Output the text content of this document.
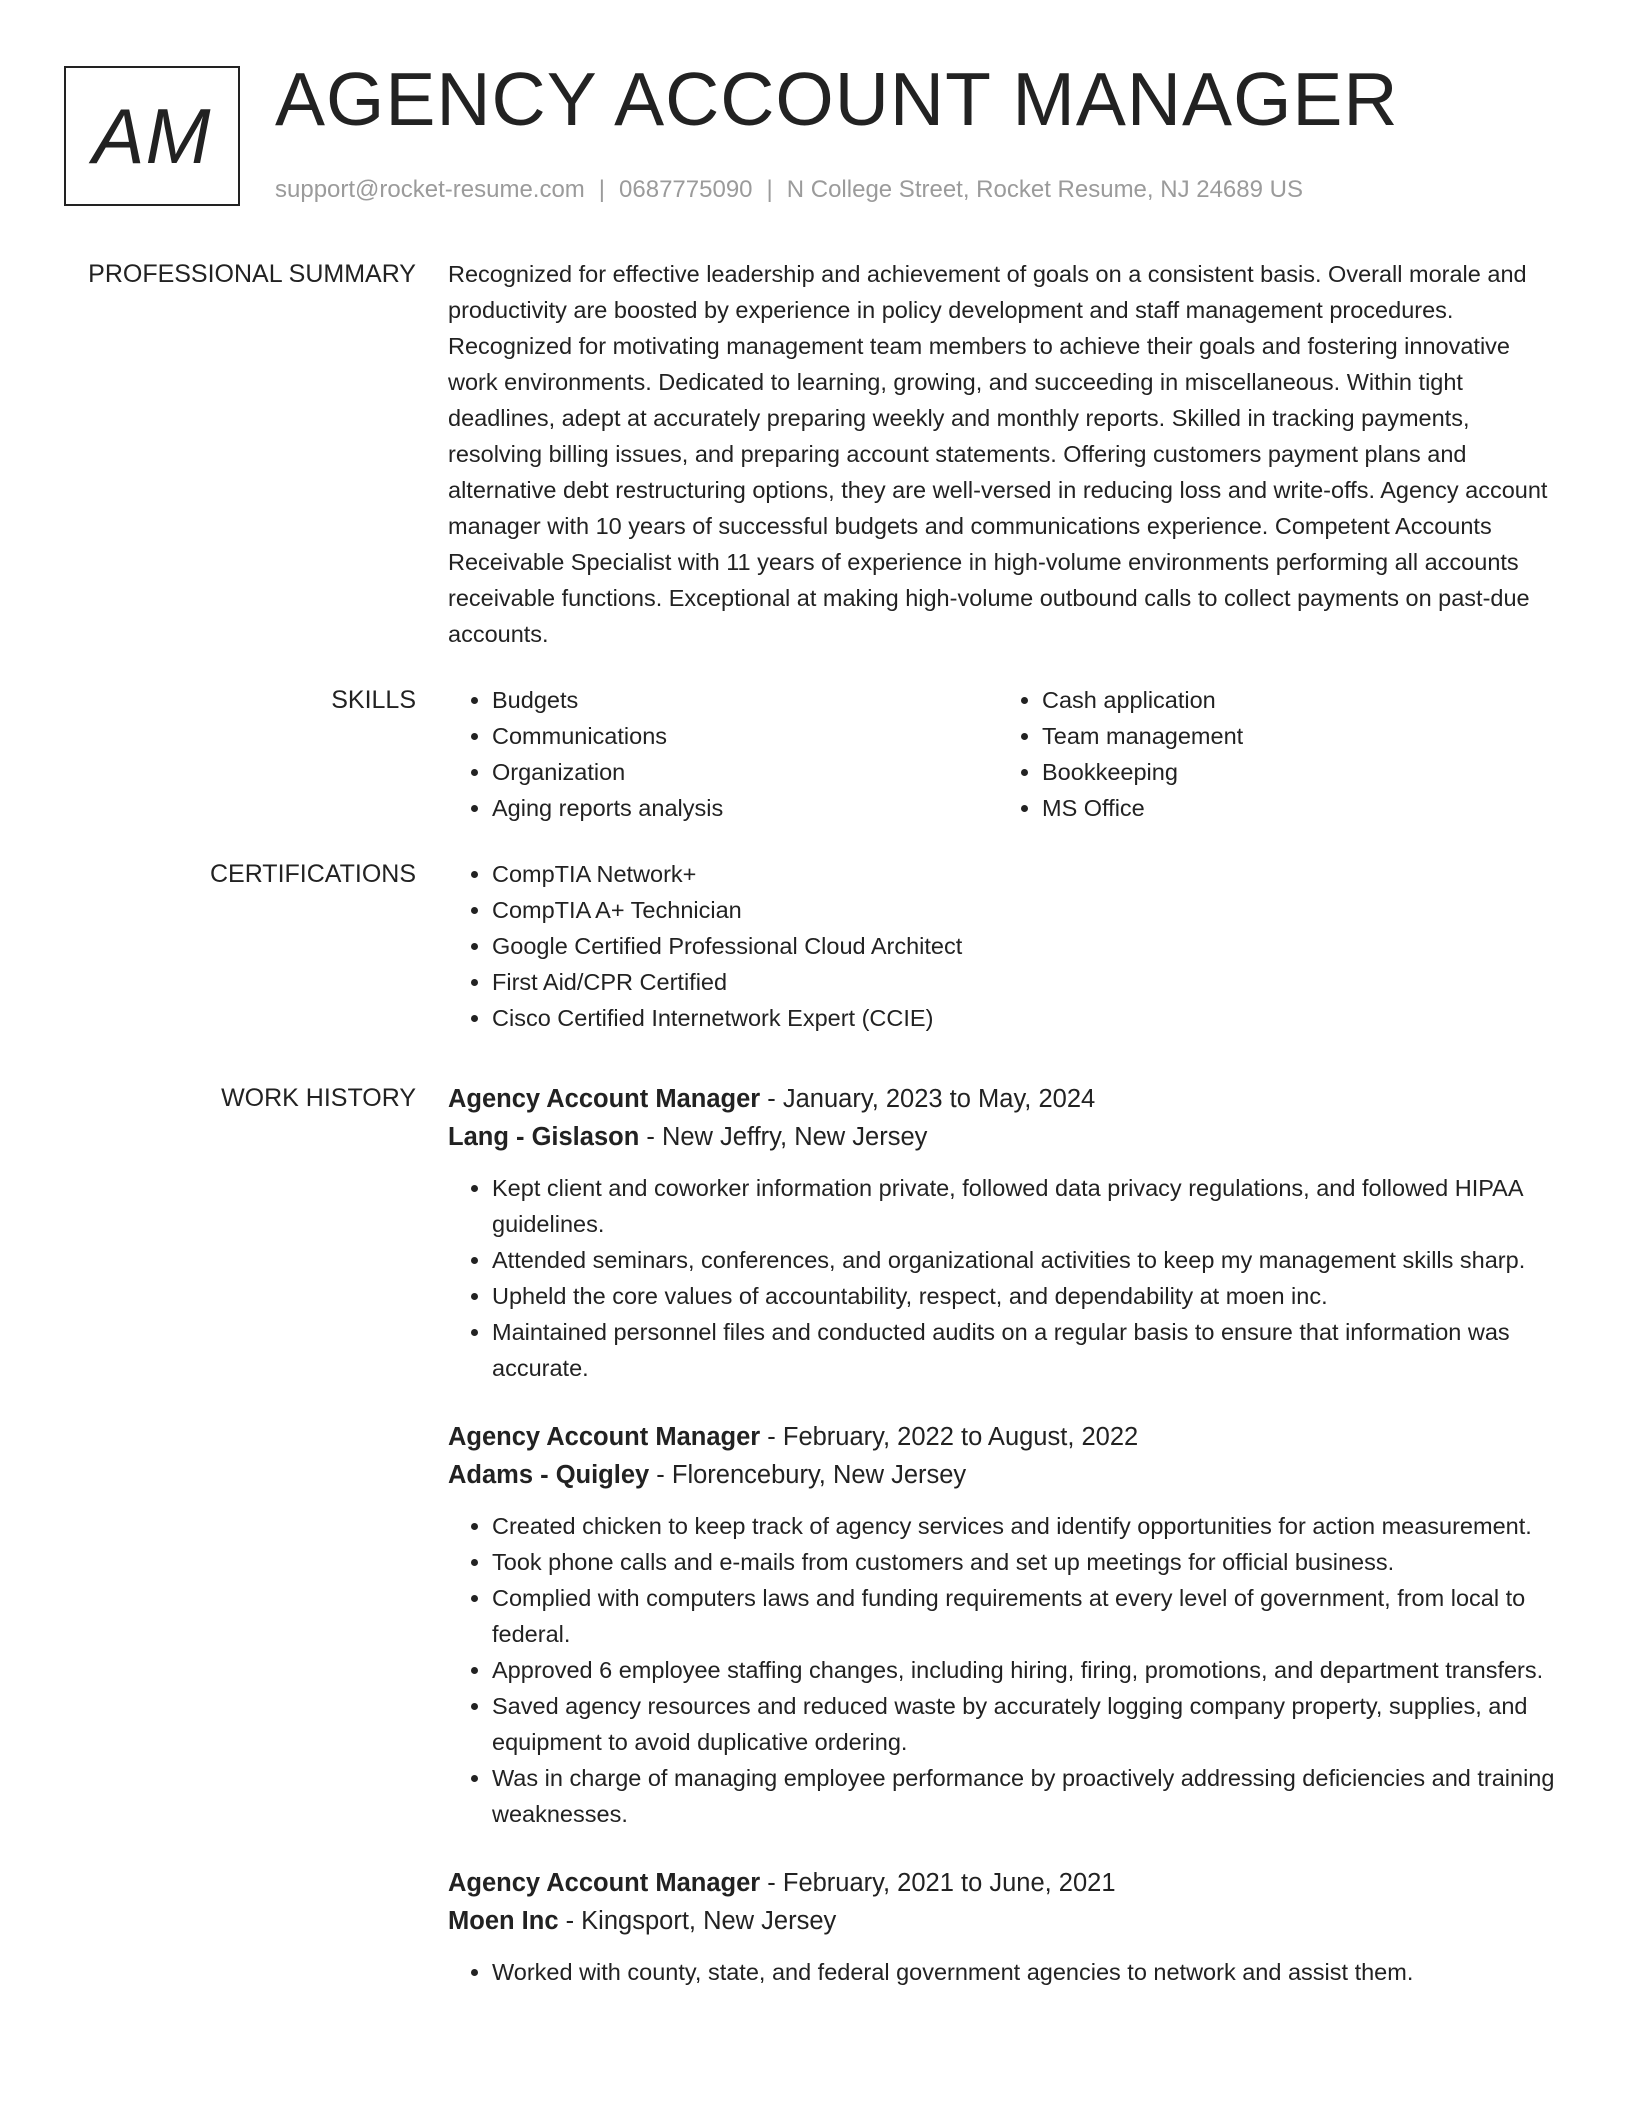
AM AGENCY ACCOUNT MANAGER
support@rocket-resume.com | 0687775090 | N College Street, Rocket Resume, NJ 24689 US
PROFESSIONAL SUMMARY Recognized for effective leadership and achievement of goals on a consistent basis. Overall morale and productivity are boosted by experience in policy development and staff management procedures. Recognized for motivating management team members to achieve their goals and fostering innovative work environments. Dedicated to learning, growing, and succeeding in miscellaneous. Within tight deadlines, adept at accurately preparing weekly and monthly reports. Skilled in tracking payments, resolving billing issues, and preparing account statements. Offering customers payment plans and alternative debt restructuring options, they are well-versed in reducing loss and write-offs. Agency account manager with 10 years of successful budgets and communications experience. Competent Accounts Receivable Specialist with 11 years of experience in high-volume environments performing all accounts receivable functions. Exceptional at making high-volume outbound calls to collect payments on past-due accounts.

SKILLS	• Budgets
• Communications
• Organization
• Aging reports analysis
• Cash application
• Team management
• Bookkeeping
• MS Office
CERTIFICATIONS	• CompTIA Network+
• CompTIA A+ Technician
• Google Certified Professional Cloud Architect
• First Aid/CPR Certified
• Cisco Certified Internetwork Expert (CCIE)
WORK HISTORY Agency Account Manager - January, 2023 to May, 2024
Lang - Gislason - New Jeffry, New Jersey
• Kept client and coworker information private, followed data privacy regulations, and followed HIPAA guidelines.
• Attended seminars, conferences, and organizational activities to keep my management skills sharp.
• Upheld the core values of accountability, respect, and dependability at moen inc.
• Maintained personnel files and conducted audits on a regular basis to ensure that information was accurate.
Agency Account Manager - February, 2022 to August, 2022
Adams - Quigley - Florencebury, New Jersey
• Created chicken to keep track of agency services and identify opportunities for action measurement.
• Took phone calls and e-mails from customers and set up meetings for official business.
• Complied with computers laws and funding requirements at every level of government, from local to federal.
• Approved 6 employee staffing changes, including hiring, firing, promotions, and department transfers.
• Saved agency resources and reduced waste by accurately logging company property, supplies, and equipment to avoid duplicative ordering.
• Was in charge of managing employee performance by proactively addressing deficiencies and training weaknesses.
Agency Account Manager - February, 2021 to June, 2021
Moen Inc - Kingsport, New Jersey
• Worked with county, state, and federal government agencies to network and assist them.
